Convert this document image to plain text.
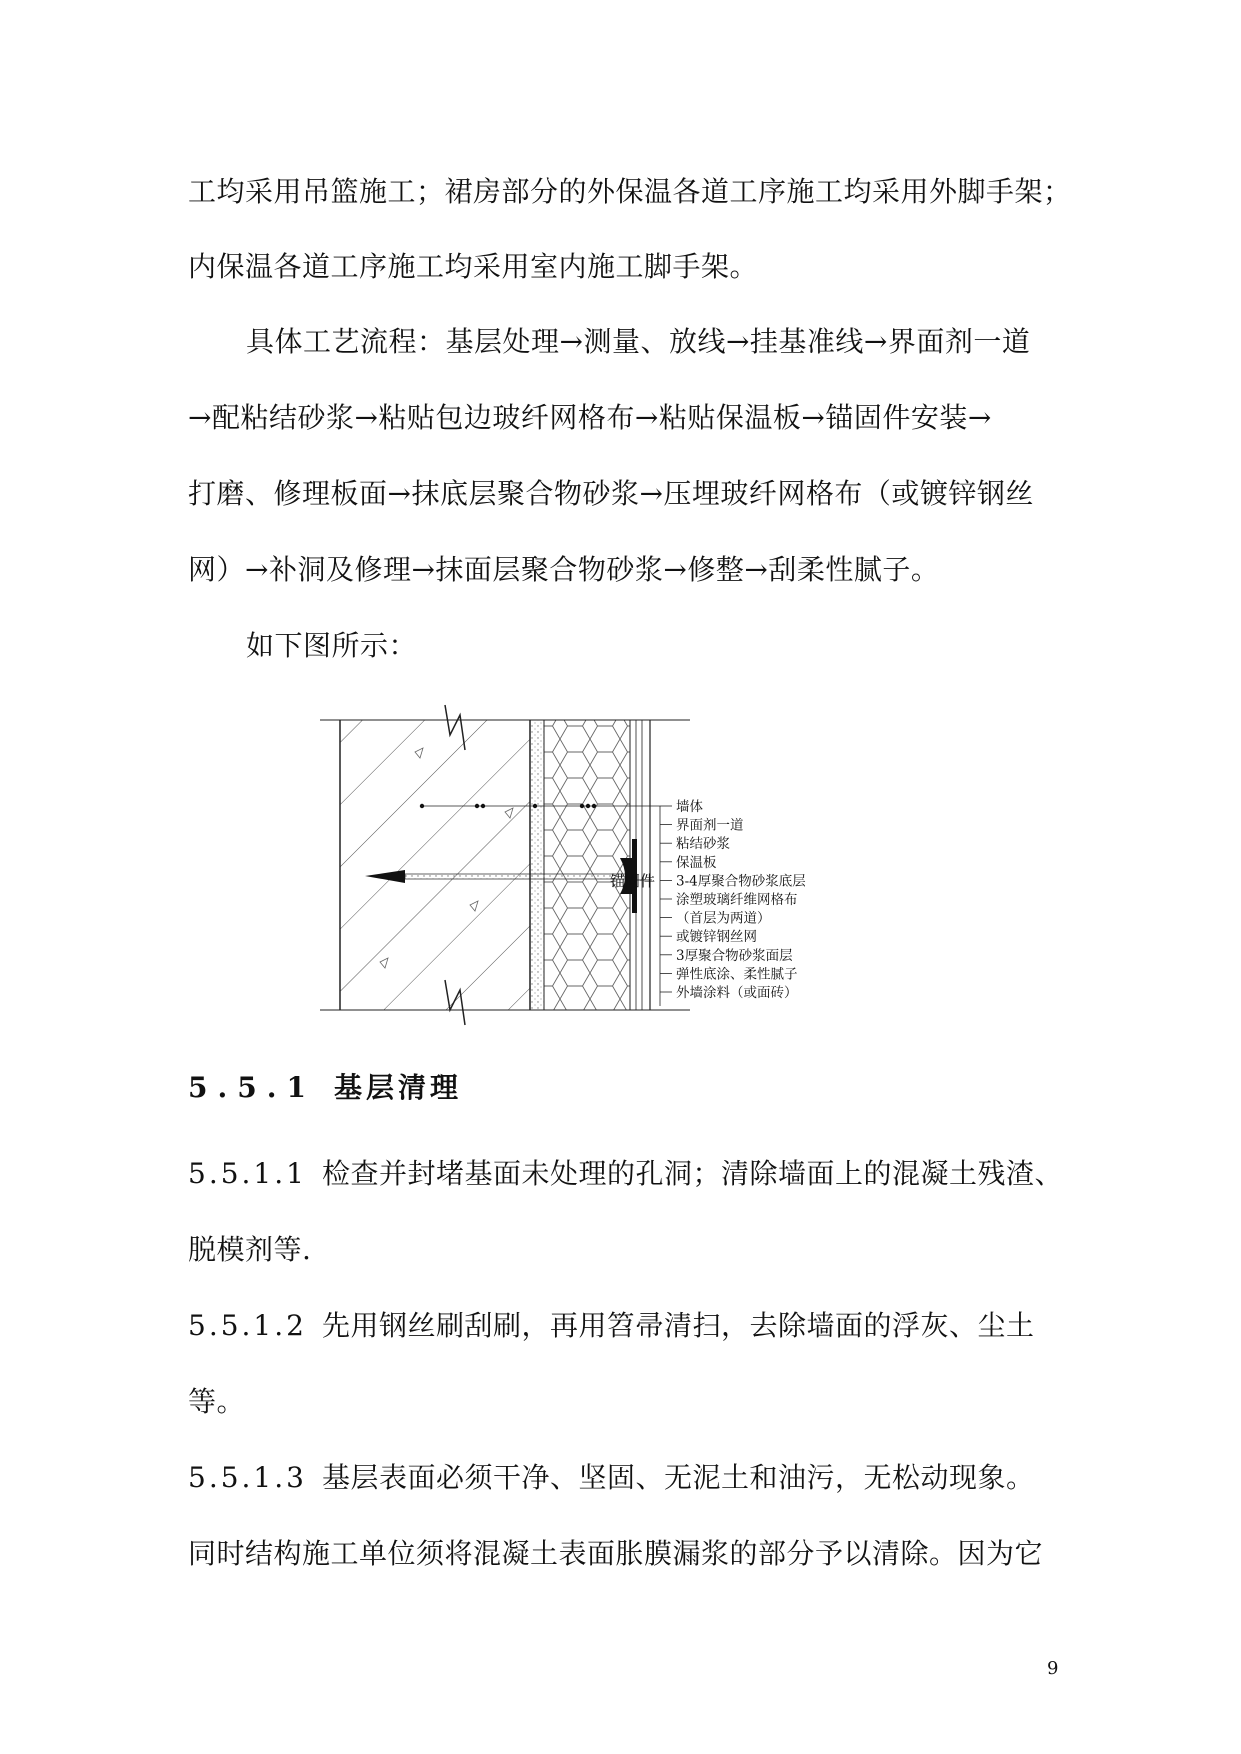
工均采用吊篮施工；裙房部分的外保温各道工序施工均采用外脚手架；
内保温各道工序施工均采用室内施工脚手架。
具体工艺流程：基层处理→测量、放线→挂基准线→界面剂一道
→配粘结砂浆→粘贴包边玻纤网格布→粘贴保温板→锚固件安装→
打磨、修理板面→抹底层聚合物砂浆→压埋玻纤网格布（或镀锌钢丝
网）→补洞及修理→抹面层聚合物砂浆→修整→刮柔性腻子。
如下图所示：
锚固件
墙体
界面剂一道
粘结砂浆
保温板
3-4厚聚合物砂浆底层
涂塑玻璃纤维网格布
（首层为两道）
或镀锌钢丝网
3厚聚合物砂浆面层
弹性底涂、柔性腻子
外墙涂料（或面砖）
5.5.1 基层清理
5.5.1.1 检查并封堵基面未处理的孔洞；清除墙面上的混凝土残渣、
脱模剂等.
5.5.1.2 先用钢丝刷刮刷，再用笤帚清扫，去除墙面的浮灰、尘土
等。
5.5.1.3 基层表面必须干净、坚固、无泥土和油污，无松动现象。
同时结构施工单位须将混凝土表面胀膜漏浆的部分予以清除。因为它
9
